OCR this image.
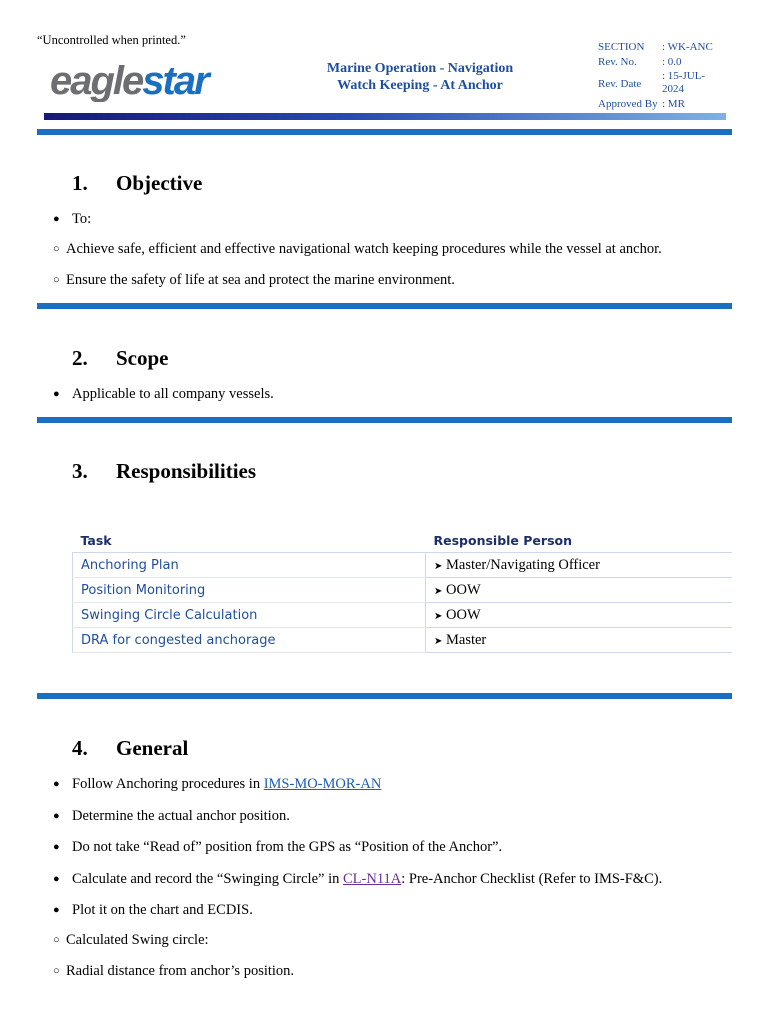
“Uncontrolled when printed.”
eaglestar	Marine Operation - Navigation
Watch Keeping - At Anchor
SECTION : WK-ANC
Rev. No. : 0.0
Rev. Date
: 15-JUL-2024
Approved By : MR
1. Objective
● To:
○ Achieve safe, efficient and effective navigational watch keeping procedures while the vessel at anchor.
○ Ensure the safety of life at sea and protect the marine environment.
2. Scope
● Applicable to all company vessels.
3. Responsibilities
Task	Responsible Person
Anchoring Plan	➤ Master/Navigating Officer
Position Monitoring	➤ OOW
Swinging Circle Calculation	➤ OOW
DRA for congested anchorage	➤ Master
4. General
● Follow Anchoring procedures in IMS-MO-MOR-AN
● Determine the actual anchor position.
● Do not take “Read of” position from the GPS as “Position of the Anchor”.
● Calculate and record the “Swinging Circle” in CL-N11A: Pre-Anchor Checklist (Refer to IMS-F&C).
● Plot it on the chart and ECDIS.
○ Calculated Swing circle:
○ Radial distance from anchor’s position.
